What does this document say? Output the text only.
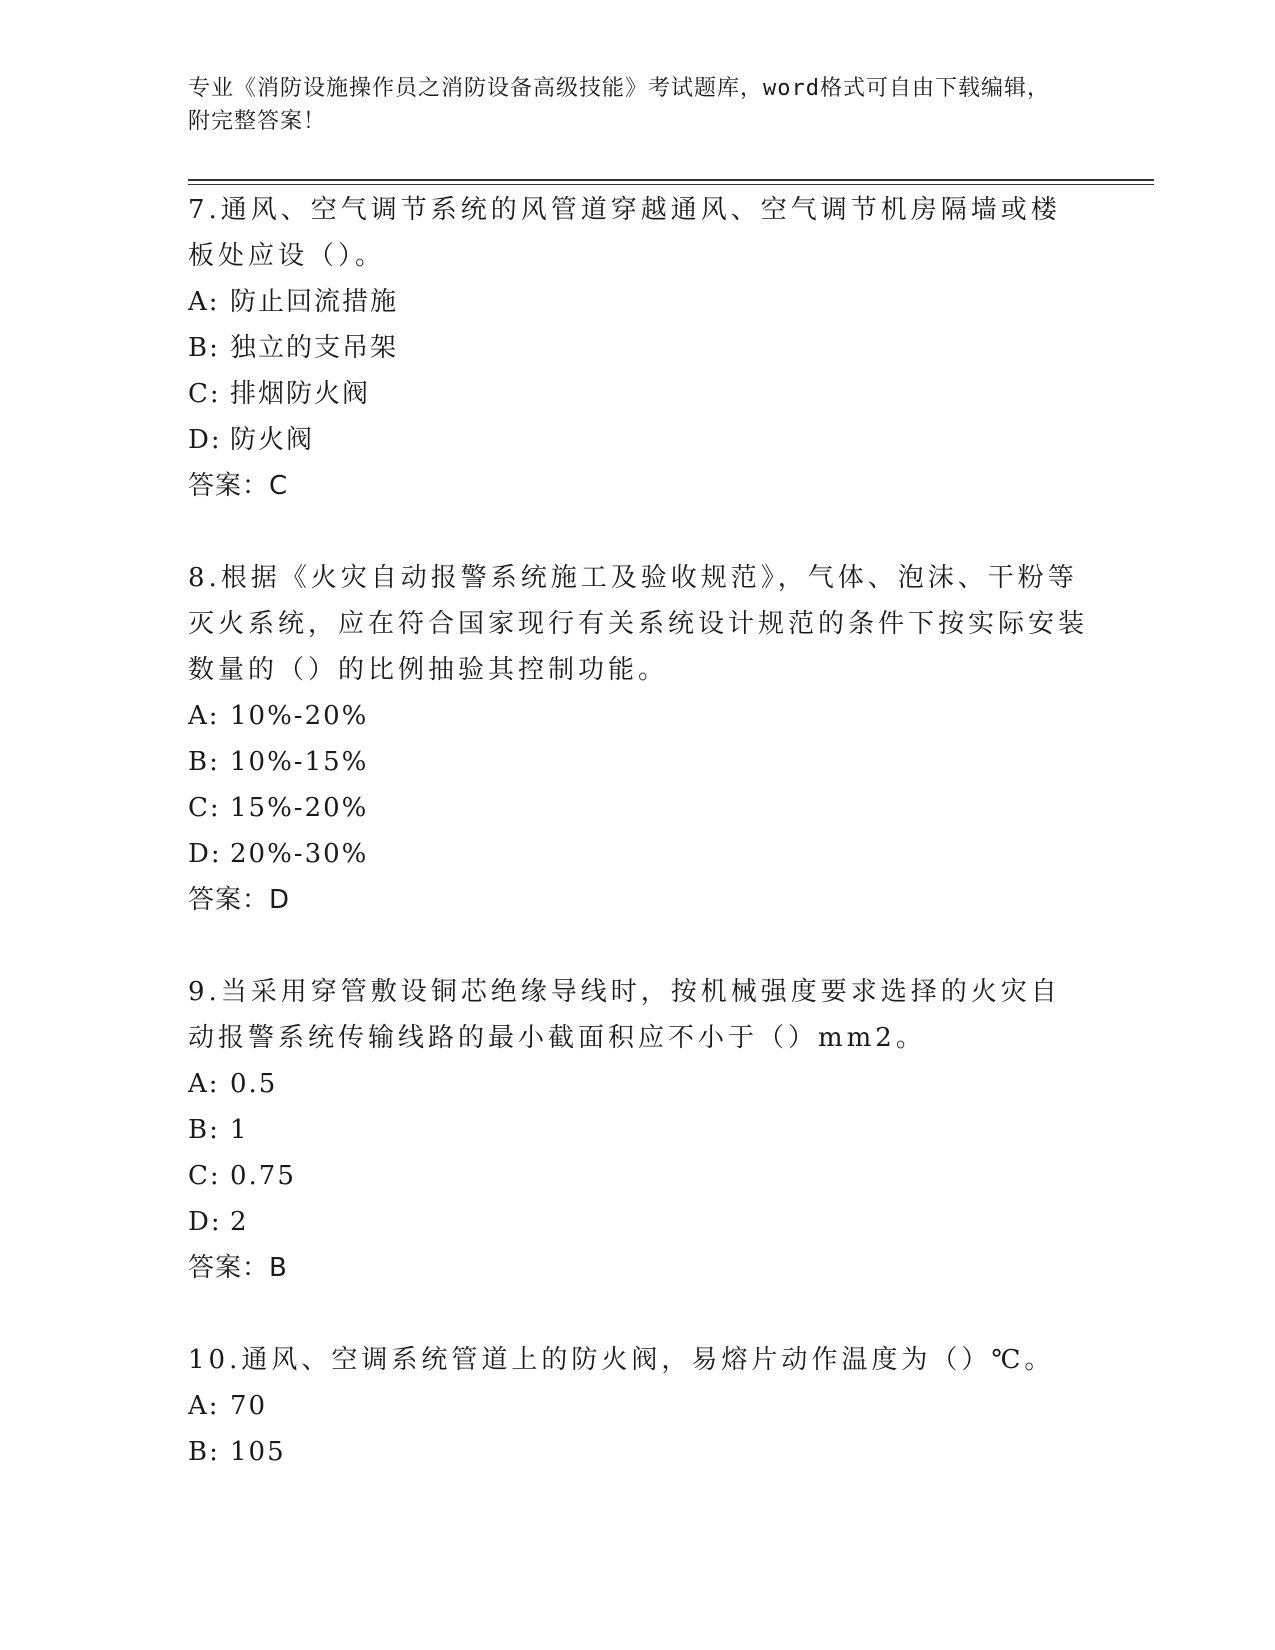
专业《消防设施操作员之消防设备高级技能》考试题库，word格式可自由下载编辑，附完整答案！

7.通风、空气调节系统的风管道穿越通风、空气调节机房隔墙或楼板处应设（）。

A: 防止回流措施

B: 独立的支吊架

C: 排烟防火阀

D: 防火阀

答案：C

8.根据《火灾自动报警系统施工及验收规范》，气体、泡沫、干粉等灭火系统，应在符合国家现行有关系统设计规范的条件下按实际安装数量的（）的比例抽验其控制功能。

A: 10%-20%

B: 10%-15%

C: 15%-20%

D: 20%-30%

答案：D

9.当采用穿管敷设铜芯绝缘导线时，按机械强度要求选择的火灾自动报警系统传输线路的最小截面积应不小于（）mm2。

A: 0.5

B: 1

C: 0.75

D: 2

答案：B

10.通风、空调系统管道上的防火阀，易熔片动作温度为（）℃。

A: 70

B: 105
